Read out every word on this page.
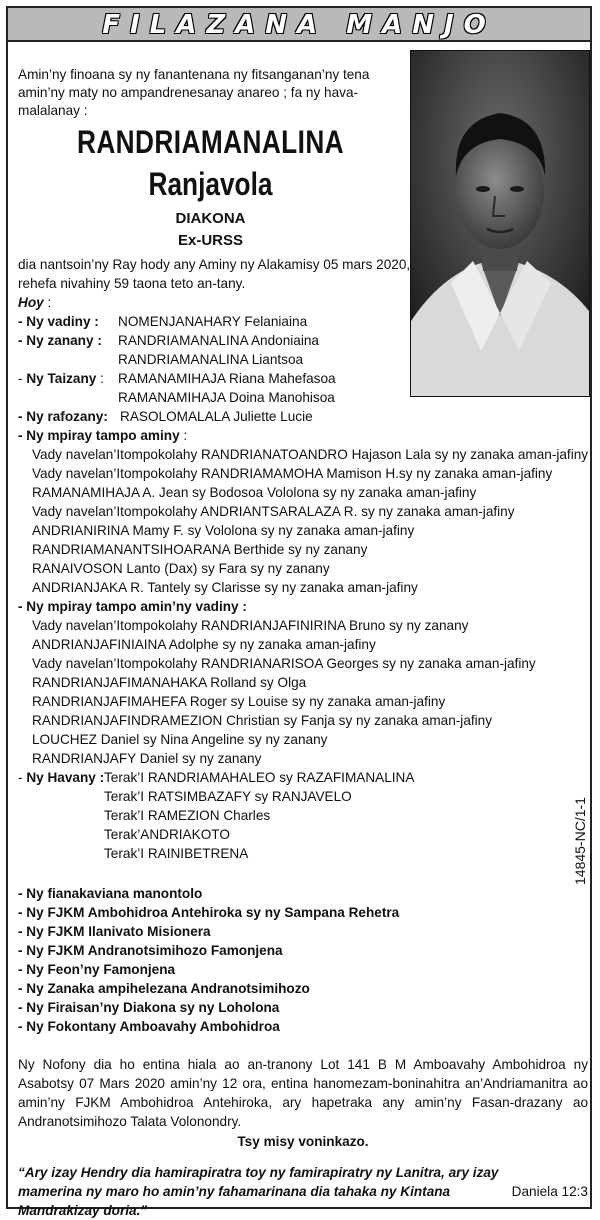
FILAZANA MANJO
Amin’ny finoana sy ny fanantenana ny fitsanganan’ny tena amin’ny maty no ampandrenesanay anareo ; fa ny hava-malalanay :
RANDRIAMANALINA
Ranjavola
DIAKONA
Ex-URSS
dia nantsoin’ny Ray hody any Aminy ny Alakamisy 05 mars 2020,
rehefa nivahiny 59 taona teto an-tany.
Hoy :
- Ny vadiny : NOMENJANAHARY Felaniaina
- Ny zanany : RANDRIAMANALINA Andoniaina
RANDRIAMANALINA Liantsoa
- Ny Taizany : RAMANAMIHAJA Riana Mahefasoa
RAMANAMIHAJA Doina Manohisoa
- Ny rafozany: RASOLOMALALA Juliette Lucie
- Ny mpiray tampo aminy :
Vady navelan’Itompokolahy RANDRIANATOANDRO Hajason Lala sy ny zanaka aman-jafiny
Vady navelan’Itompokolahy RANDRIAMAMOHA Mamison H.sy ny zanaka aman-jafiny
RAMANAMIHAJA A. Jean sy Bodosoa Vololona sy ny zanaka aman-jafiny
Vady navelan’Itompokolahy ANDRIANTSARALAZA R. sy ny zanaka aman-jafiny
ANDRIANIRINA Mamy F. sy Vololona sy ny zanaka aman-jafiny
RANDRIAMANANTSIHOARANA Berthide sy ny zanany
RANAIVOSON Lanto (Dax) sy Fara sy ny zanany
ANDRIANJAKA R. Tantely sy Clarisse sy ny zanaka aman-jafiny
- Ny mpiray tampo amin’ny vadiny :
Vady navelan’Itompokolahy RANDRIANJAFINIRINA Bruno sy ny zanany
ANDRIANJAFINIAINA Adolphe sy ny zanaka aman-jafiny
Vady navelan’Itompokolahy RANDRIANARISOA Georges sy ny zanaka aman-jafiny
RANDRIANJAFIMANAHAKA Rolland sy Olga
RANDRIANJAFIMAHEFA Roger sy Louise sy ny zanaka aman-jafiny
RANDRIANJAFINDRAMEZION Christian sy Fanja sy ny zanaka aman-jafiny
LOUCHEZ Daniel sy Nina Angeline sy ny zanany
RANDRIANJAFY Daniel sy ny zanany
- Ny Havany : Terak’I RANDRIAMAHALEO sy RAZAFIMANALINA
Terak’I RATSIMBAZAFY sy RANJAVELO
Terak’I RAMEZION Charles
Terak’ANDRIAKOTO
Terak’I RAINIBETRENA
- Ny fianakaviana manontolo
- Ny FJKM Ambohidroa Antehiroka sy ny Sampana Rehetra
- Ny FJKM Ilanivato Misionera
- Ny FJKM Andranotsimihozo Famonjena
- Ny Feon’ny Famonjena
- Ny Zanaka ampihelezana Andranotsimihozo
- Ny Firaisan’ny Diakona sy ny Loholona
- Ny Fokontany Amboavahy Ambohidroa
14845-NC/1-1
Ny Nofony dia ho entina hiala ao an-tranony Lot 141 B M Amboavahy Ambohidroa ny Asabotsy 07 Mars 2020 amin’ny 12 ora, entina hanomezam-boninahitra an’Andriamanitra ao amin’ny FJKM Ambohidroa Antehiroka, ary hapetraka any amin’ny Fasan-drazany ao Andranotsimihozo Talata Volonondry.
Tsy misy voninkazo.
Daniela 12:3
“Ary izay Hendry dia hamirapiratra toy ny famirapiratry ny Lanitra, ary izay mamerina ny maro ho amin’ny fahamarinana dia tahaka ny Kintana Mandrakizay doria.”
